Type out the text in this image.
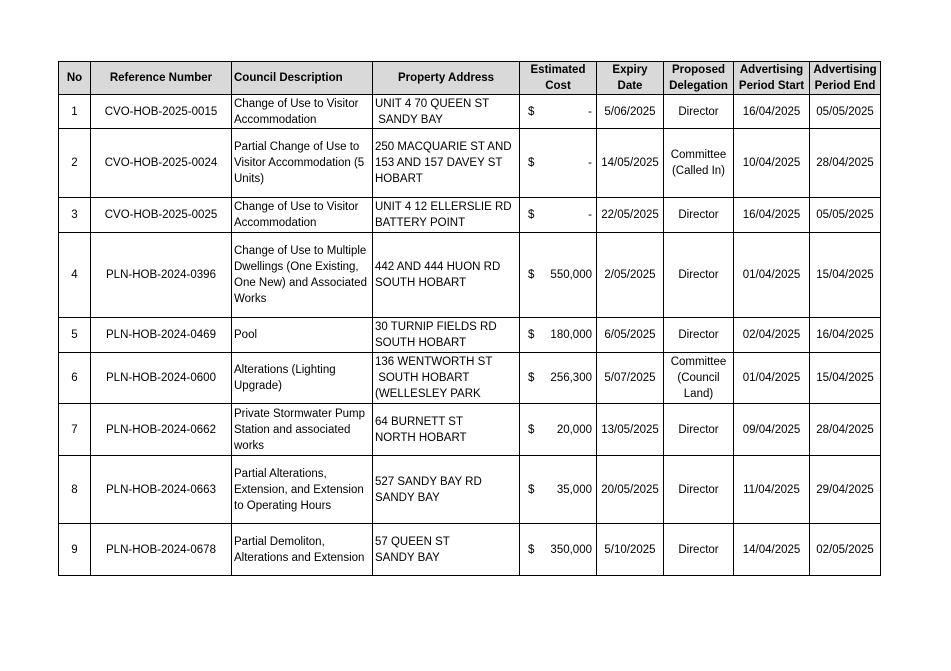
No	Reference Number	Council Description	Property Address	Estimated Cost	Expiry Date	Proposed Delegation	Advertising Period Start	Advertising Period End
1	CVO-HOB-2025-0015	Change of Use to Visitor Accommodation	UNIT 4 70 QUEEN ST
SANDY BAY	$ -	5/06/2025	Director	16/04/2025	05/05/2025
2	CVO-HOB-2025-0024	Partial Change of Use to Visitor Accommodation (5 Units)	250 MACQUARIE ST AND
153 AND 157 DAVEY ST
HOBART	$ -	14/05/2025	Committee (Called In)	10/04/2025	28/04/2025
3	CVO-HOB-2025-0025	Change of Use to Visitor Accommodation	UNIT 4 12 ELLERSLIE RD
BATTERY POINT	$ -	22/05/2025	Director	16/04/2025	05/05/2025
4	PLN-HOB-2024-0396	Change of Use to Multiple Dwellings (One Existing, One New) and Associated Works	442 AND 444 HUON RD
SOUTH HOBART	$ 550,000	2/05/2025	Director	01/04/2025	15/04/2025
5	PLN-HOB-2024-0469	Pool	30 TURNIP FIELDS RD
SOUTH HOBART	$ 180,000	6/05/2025	Director	02/04/2025	16/04/2025
6	PLN-HOB-2024-0600	Alterations (Lighting Upgrade)	136 WENTWORTH ST
SOUTH HOBART
(WELLESLEY PARK	$ 256,300	5/07/2025	Committee (Council Land)	01/04/2025	15/04/2025
7	PLN-HOB-2024-0662	Private Stormwater Pump Station and associated works	64 BURNETT ST
NORTH HOBART	$ 20,000	13/05/2025	Director	09/04/2025	28/04/2025
8	PLN-HOB-2024-0663	Partial Alterations, Extension, and Extension to Operating Hours	527 SANDY BAY RD
SANDY BAY	$ 35,000	20/05/2025	Director	11/04/2025	29/04/2025
9	PLN-HOB-2024-0678	Partial Demoliton, Alterations and Extension	57 QUEEN ST
SANDY BAY	$ 350,000	5/10/2025	Director	14/04/2025	02/05/2025
